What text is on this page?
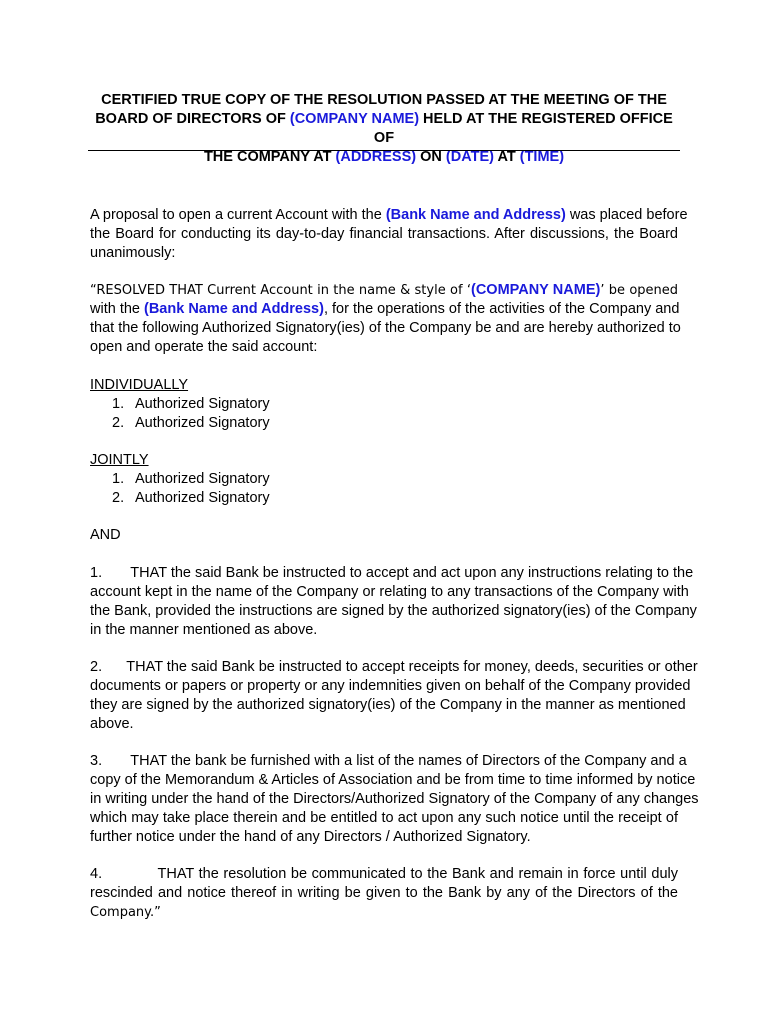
CERTIFIED TRUE COPY OF THE RESOLUTION PASSED AT THE MEETING OF THE
BOARD OF DIRECTORS OF (COMPANY NAME) HELD AT THE REGISTERED OFFICE OF
THE COMPANY AT (ADDRESS) ON (DATE) AT (TIME)
A proposal to open a current Account with the (Bank Name and Address) was placed before
the Board for conducting its day-to-day financial transactions. After discussions, the Board
unanimously:
“RESOLVED THAT Current Account in the name & style of ‘(COMPANY NAME)’ be opened
with the (Bank Name and Address), for the operations of the activities of the Company and
that the following Authorized Signatory(ies) of the Company be and are hereby authorized to
open and operate the said account:
INDIVIDUALLY
1. Authorized Signatory
2. Authorized Signatory
JOINTLY
1. Authorized Signatory
2. Authorized Signatory
AND
1.       THAT the said Bank be instructed to accept and act upon any instructions relating to the
account kept in the name of the Company or relating to any transactions of the Company with
the Bank, provided the instructions are signed by the authorized signatory(ies) of the Company
in the manner mentioned as above.
2.      THAT the said Bank be instructed to accept receipts for money, deeds, securities or other
documents or papers or property or any indemnities given on behalf of the Company provided
they are signed by the authorized signatory(ies) of the Company in the manner as mentioned
above.
3.       THAT the bank be furnished with a list of the names of Directors of the Company and a
copy of the Memorandum & Articles of Association and be from time to time informed by notice
in writing under the hand of the Directors/Authorized Signatory of the Company of any changes
which may take place therein and be entitled to act upon any such notice until the receipt of
further notice under the hand of any Directors / Authorized Signatory.
4.            THAT the resolution be communicated to the Bank and remain in force until duly
rescinded and notice thereof in writing be given to the Bank by any of the Directors of the
Company.”
